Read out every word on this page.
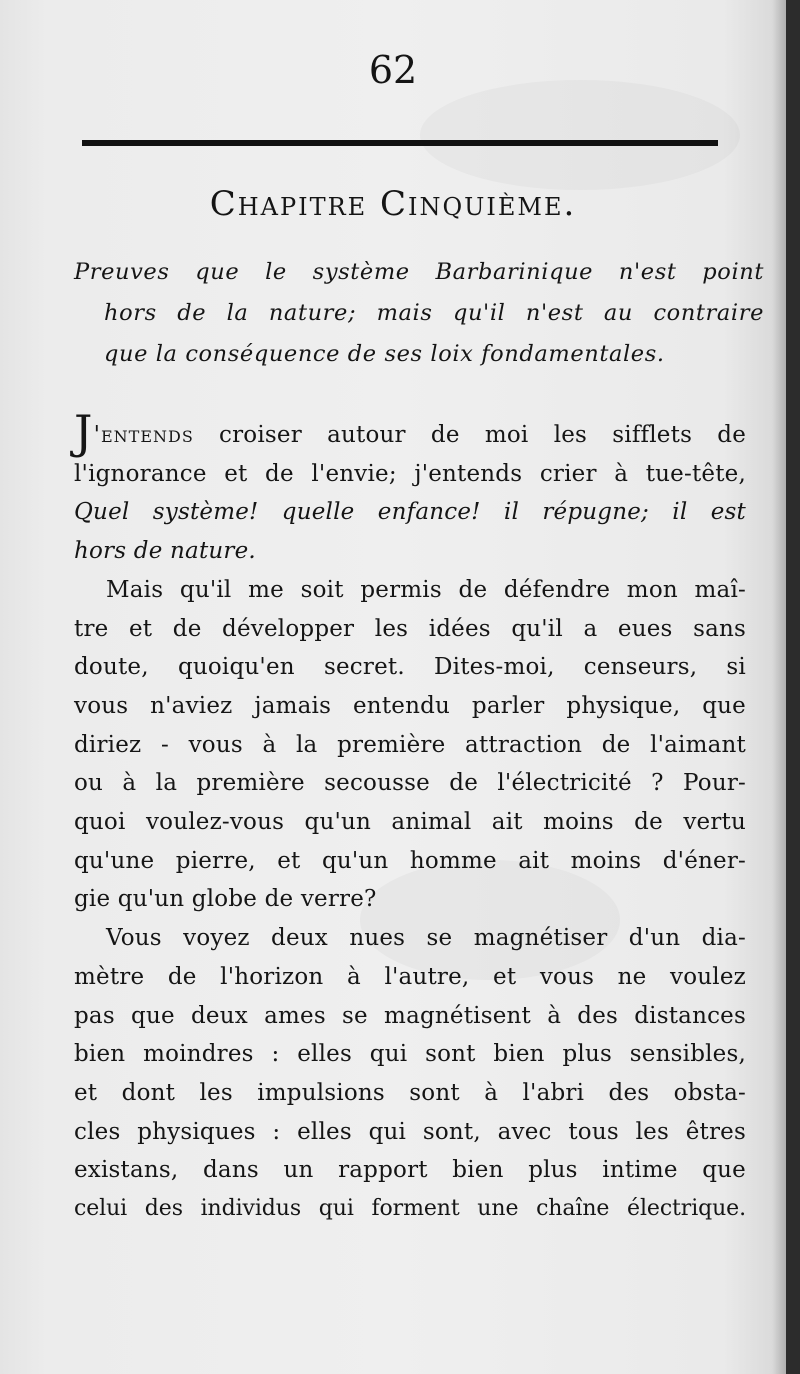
62
Chapitre Cinquième.
Preuves que le système Barbarinique n'est point
hors de la nature; mais qu'il n'est au contraire
que la conséquence de ses loix fondamentales.
J'entends croiser autour de moi les sifflets de
l'ignorance et de l'envie; j'entends crier à tue-tête,
Quel système! quelle enfance! il répugne; il est
hors de nature.
Mais qu'il me soit permis de défendre mon maî-
tre et de développer les idées qu'il a eues sans
doute, quoiqu'en secret. Dites-moi, censeurs, si
vous n'aviez jamais entendu parler physique, que
diriez - vous à la première attraction de l'aimant
ou à la première secousse de l'électricité ? Pour-
quoi voulez-vous qu'un animal ait moins de vertu
qu'une pierre, et qu'un homme ait moins d'éner-
gie qu'un globe de verre?
Vous voyez deux nues se magnétiser d'un dia-
mètre de l'horizon à l'autre, et vous ne voulez
pas que deux ames se magnétisent à des distances
bien moindres : elles qui sont bien plus sensibles,
et dont les impulsions sont à l'abri des obsta-
cles physiques : elles qui sont, avec tous les êtres
existans, dans un rapport bien plus intime que
celui des individus qui forment une chaîne électrique.
